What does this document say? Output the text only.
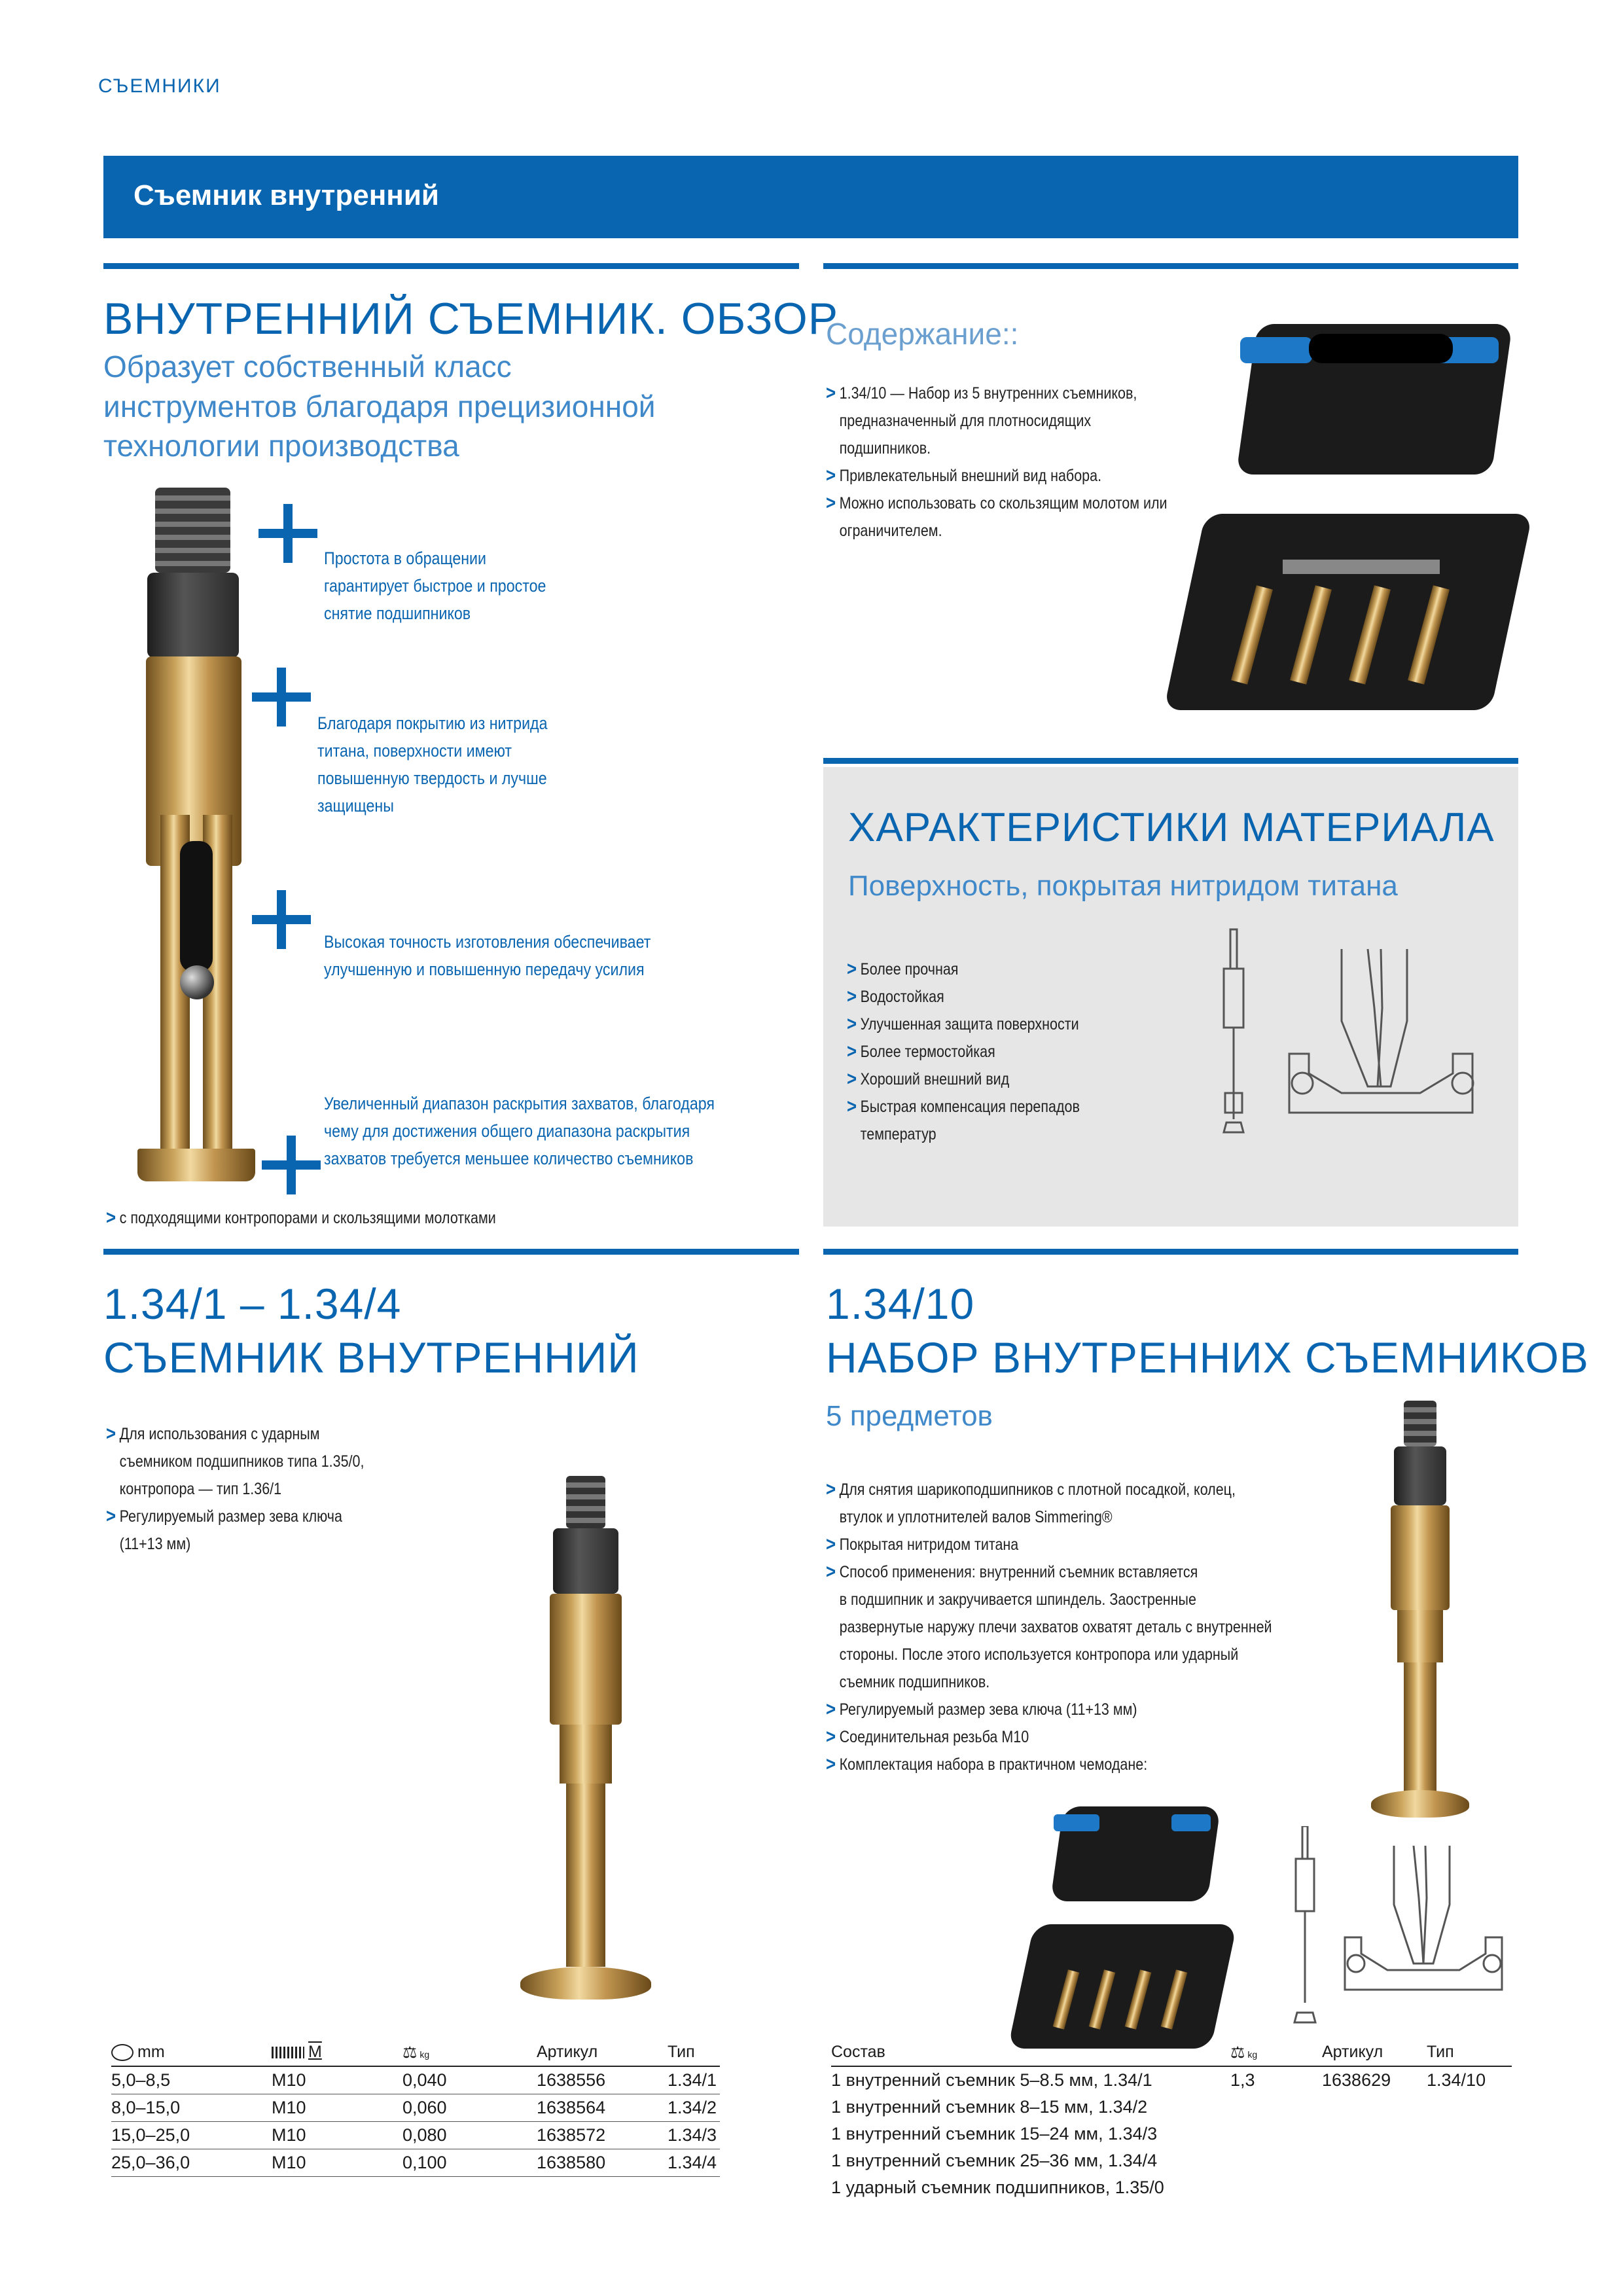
СЪЕМНИКИ
Съемник внутренний
ВНУТРЕННИЙ СЪЕМНИК. ОБЗОР
Образует собственный класс
инструментов благодаря прецизионной
технологии производства
Простота в обращении
гарантирует быстрое и простое
снятие подшипников
Благодаря покрытию из нитрида
титана, поверхности имеют
повышенную твердость и лучше
защищены
Высокая точность изготовления обеспечивает
улучшенную и повышенную передачу усилия
Увеличенный диапазон раскрытия захватов, благодаря
чему для достижения общего диапазона раскрытия
захватов требуется меньшее количество съемников
> с подходящими контропорами и скользящими молотками
Содержание::
> 1.34/10 — Набор из 5 внутренних съемников,
предназначенный для плотносидящих
подшипников.
> Привлекательный внешний вид набора.
> Можно использовать со скользящим молотом или
ограничителем.
ХАРАКТЕРИСТИКИ МАТЕРИАЛА
Поверхность, покрытая нитридом титана
> Более прочная
> Водостойкая
> Улучшенная защита поверхности
> Более термостойкая
> Хороший внешний вид
> Быстрая компенсация перепадов
температур
1.34/1 – 1.34/4
СЪЕМНИК ВНУТРЕННИЙ
> Для использования с ударным
съемником подшипников типа 1.35/0,
контропора — тип 1.36/1
> Регулируемый размер зева ключа
(11+13 мм)
1.34/10
НАБОР ВНУТРЕННИХ СЪЕМНИКОВ
5 предметов
> Для снятия шарикоподшипников с плотной посадкой, колец,
втулок и уплотнителей валов Simmering®
> Покрытая нитридом титана
> Способ применения: внутренний съемник вставляется
в подшипник и закручивается шпиндель. Заостренные
развернутые наружу плечи захватов охватят деталь с внутренней
стороны. После этого используется контропора или ударный
съемник подшипников.
> Регулируемый размер зева ключа (11+13 мм)
> Соединительная резьба М10
> Комплектация набора в практичном чемодане:
mm	M	⚖ kg	Артикул	Тип
5,0–8,5	M10	0,040	1638556	1.34/1
8,0–15,0	M10	0,060	1638564	1.34/2
15,0–25,0	M10	0,080	1638572	1.34/3
25,0–36,0	M10	0,100	1638580	1.34/4
Состав	⚖ kg	Артикул	Тип
1 внутренний съемник 5–8.5 мм, 1.34/1	1,3	1638629	1.34/10
1 внутренний съемник 8–15 мм, 1.34/2			
1 внутренний съемник 15–24 мм, 1.34/3			
1 внутренний съемник 25–36 мм, 1.34/4			
1 ударный съемник подшипников, 1.35/0			
